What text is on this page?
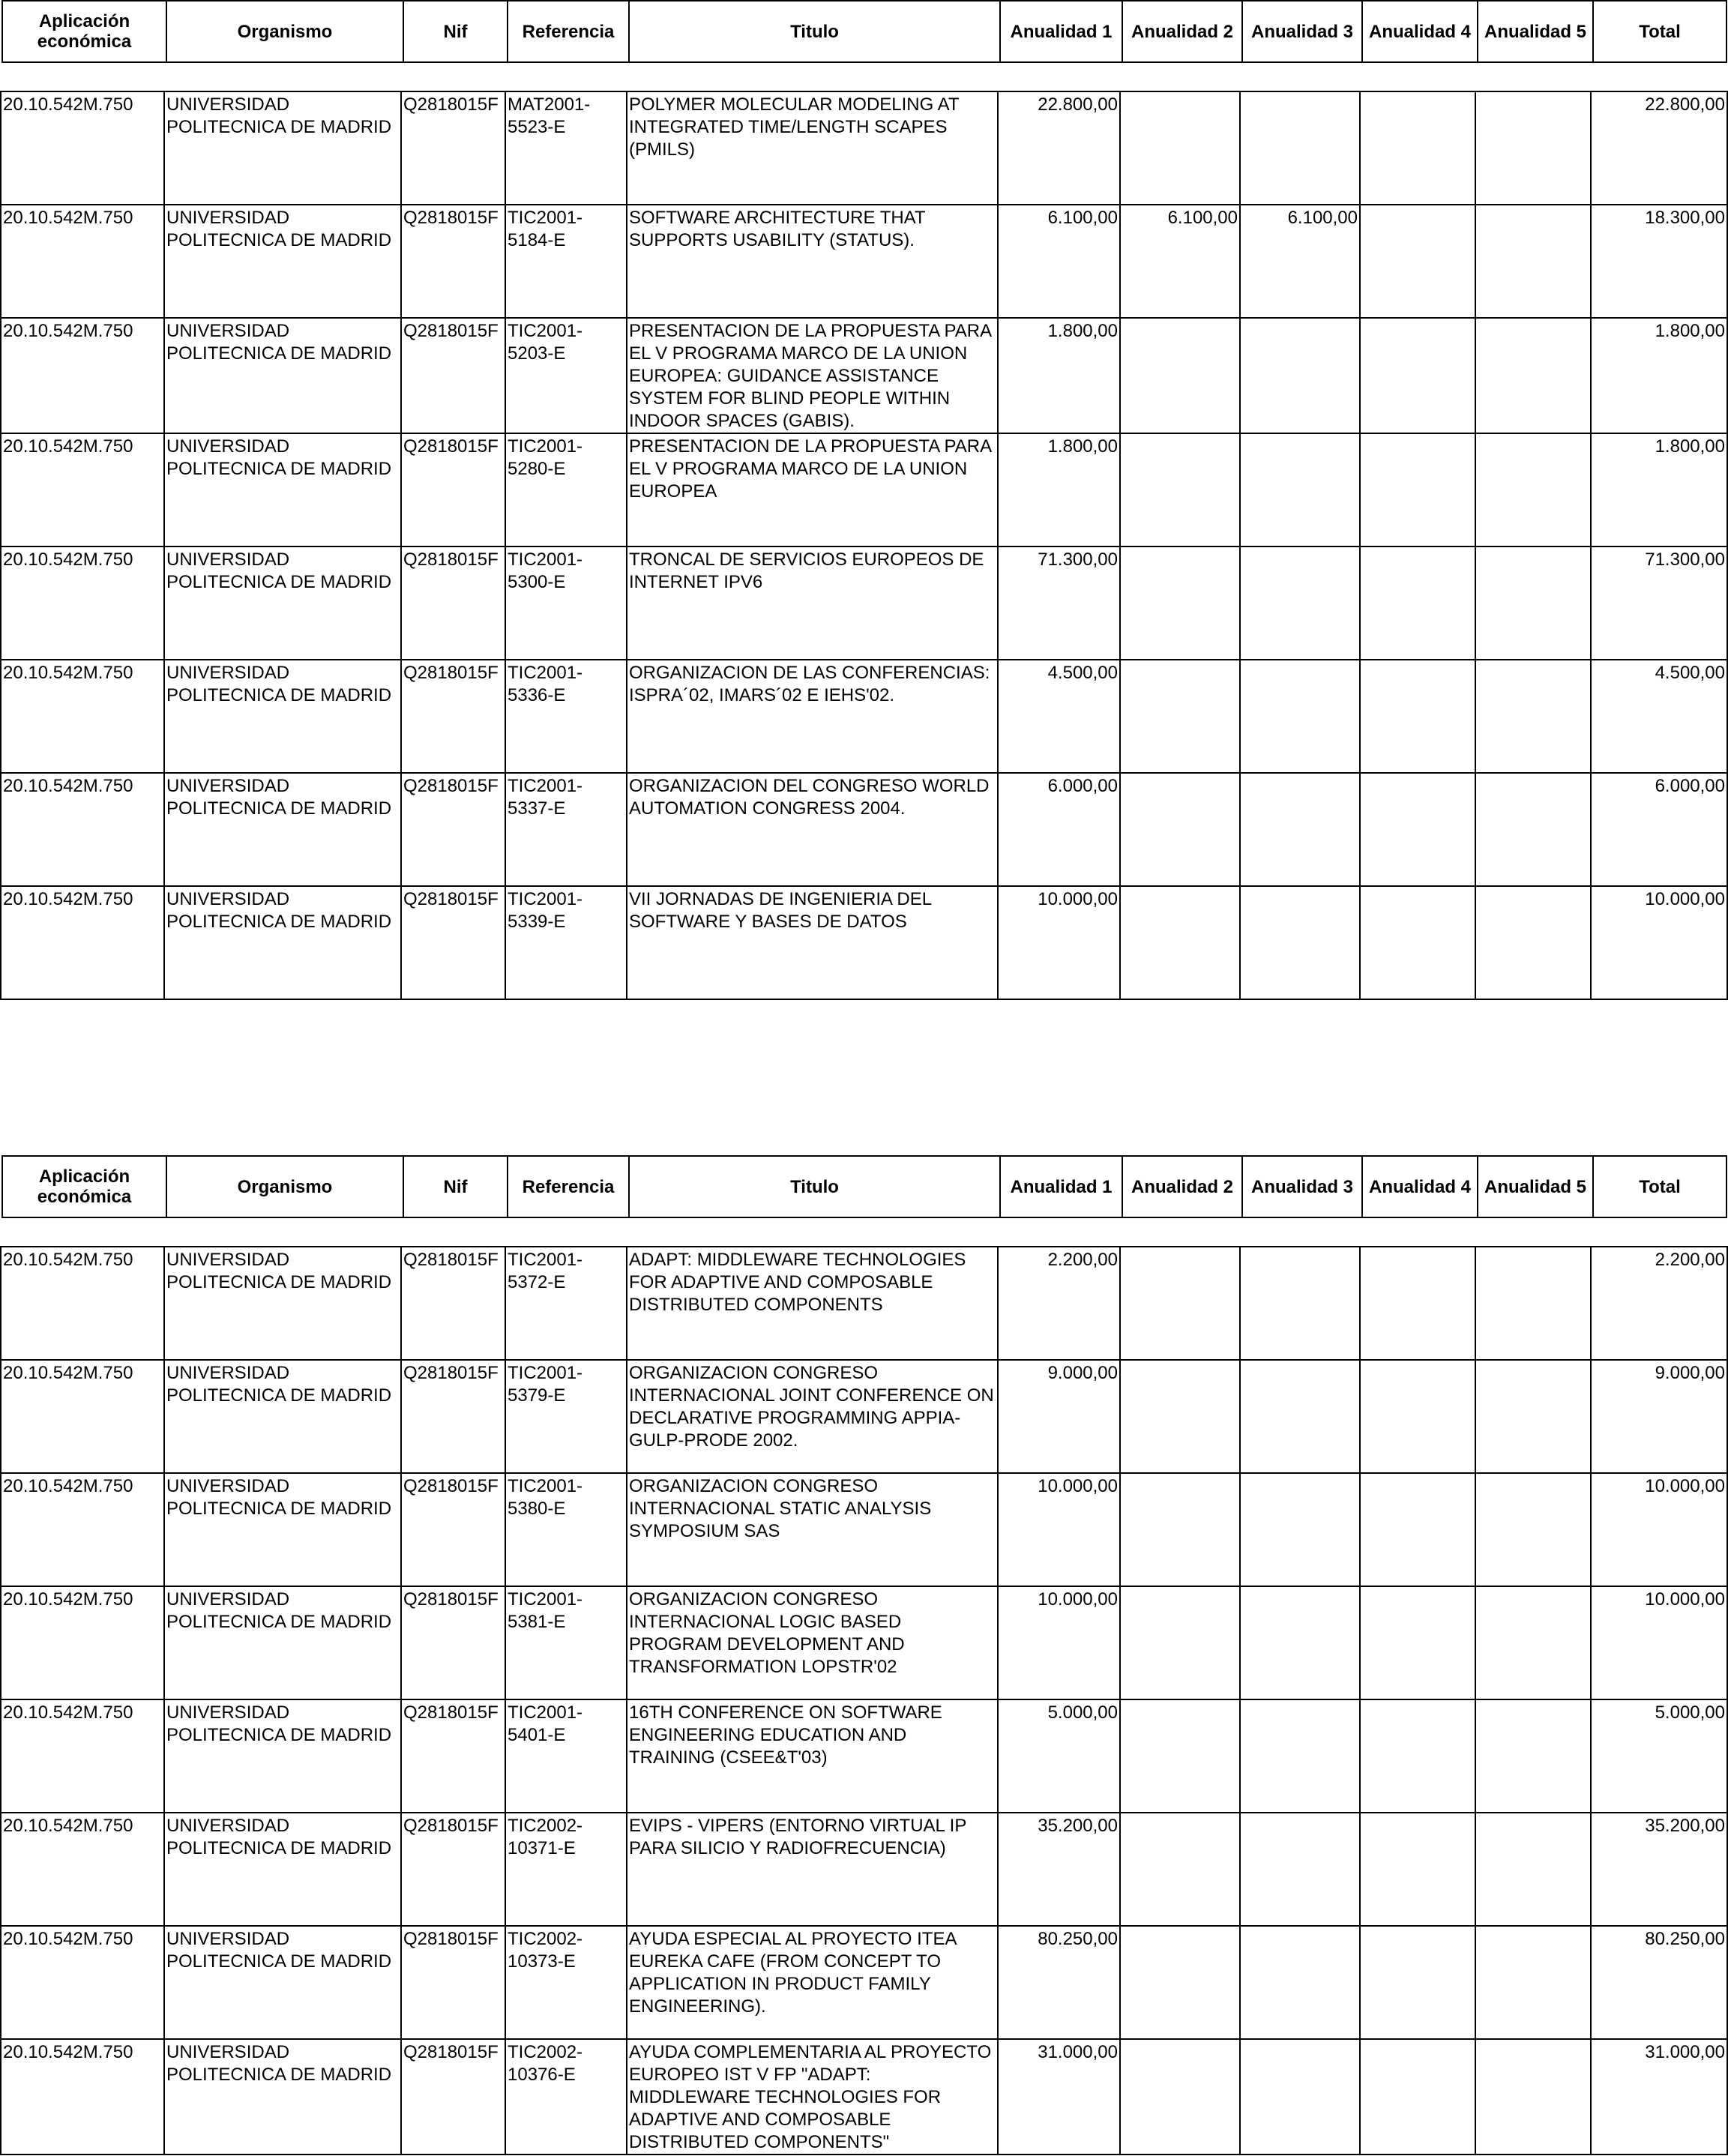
Aplicación
económica	Organismo	Nif	Referencia	Titulo	Anualidad 1	Anualidad 2	Anualidad 3	Anualidad 4	Anualidad 5	Total
20.10.542M.750	UNIVERSIDAD
POLITECNICA DE MADRID	Q2818015F	MAT2001-
5523-E	POLYMER MOLECULAR MODELING AT
INTEGRATED TIME/LENGTH SCAPES
(PMILS)	22.800,00					22.800,00
20.10.542M.750	UNIVERSIDAD
POLITECNICA DE MADRID	Q2818015F	TIC2001-
5184-E	SOFTWARE ARCHITECTURE THAT
SUPPORTS USABILITY (STATUS).	6.100,00	6.100,00	6.100,00			18.300,00
20.10.542M.750	UNIVERSIDAD
POLITECNICA DE MADRID	Q2818015F	TIC2001-
5203-E	PRESENTACION DE LA PROPUESTA PARA
EL V PROGRAMA MARCO DE LA UNION
EUROPEA: GUIDANCE ASSISTANCE
SYSTEM FOR BLIND PEOPLE WITHIN
INDOOR SPACES (GABIS).	1.800,00					1.800,00
20.10.542M.750	UNIVERSIDAD
POLITECNICA DE MADRID	Q2818015F	TIC2001-
5280-E	PRESENTACION DE LA PROPUESTA PARA
EL V PROGRAMA MARCO DE LA UNION
EUROPEA	1.800,00					1.800,00
20.10.542M.750	UNIVERSIDAD
POLITECNICA DE MADRID	Q2818015F	TIC2001-
5300-E	TRONCAL DE SERVICIOS EUROPEOS DE
INTERNET IPV6	71.300,00					71.300,00
20.10.542M.750	UNIVERSIDAD
POLITECNICA DE MADRID	Q2818015F	TIC2001-
5336-E	ORGANIZACION DE LAS CONFERENCIAS:
ISPRA´02, IMARS´02 E IEHS'02.	4.500,00					4.500,00
20.10.542M.750	UNIVERSIDAD
POLITECNICA DE MADRID	Q2818015F	TIC2001-
5337-E	ORGANIZACION DEL CONGRESO WORLD
AUTOMATION CONGRESS 2004.	6.000,00					6.000,00
20.10.542M.750	UNIVERSIDAD
POLITECNICA DE MADRID	Q2818015F	TIC2001-
5339-E	VII JORNADAS DE INGENIERIA DEL
SOFTWARE Y BASES DE DATOS	10.000,00					10.000,00
Aplicación
económica	Organismo	Nif	Referencia	Titulo	Anualidad 1	Anualidad 2	Anualidad 3	Anualidad 4	Anualidad 5	Total
20.10.542M.750	UNIVERSIDAD
POLITECNICA DE MADRID	Q2818015F	TIC2001-
5372-E	ADAPT: MIDDLEWARE TECHNOLOGIES
FOR ADAPTIVE AND COMPOSABLE
DISTRIBUTED COMPONENTS	2.200,00					2.200,00
20.10.542M.750	UNIVERSIDAD
POLITECNICA DE MADRID	Q2818015F	TIC2001-
5379-E	ORGANIZACION CONGRESO
INTERNACIONAL JOINT CONFERENCE ON
DECLARATIVE PROGRAMMING APPIA-
GULP-PRODE 2002.	9.000,00					9.000,00
20.10.542M.750	UNIVERSIDAD
POLITECNICA DE MADRID	Q2818015F	TIC2001-
5380-E	ORGANIZACION CONGRESO
INTERNACIONAL STATIC ANALYSIS
SYMPOSIUM SAS	10.000,00					10.000,00
20.10.542M.750	UNIVERSIDAD
POLITECNICA DE MADRID	Q2818015F	TIC2001-
5381-E	ORGANIZACION CONGRESO
INTERNACIONAL LOGIC BASED
PROGRAM DEVELOPMENT AND
TRANSFORMATION LOPSTR'02	10.000,00					10.000,00
20.10.542M.750	UNIVERSIDAD
POLITECNICA DE MADRID	Q2818015F	TIC2001-
5401-E	16TH CONFERENCE ON SOFTWARE
ENGINEERING EDUCATION AND
TRAINING (CSEE&T'03)	5.000,00					5.000,00
20.10.542M.750	UNIVERSIDAD
POLITECNICA DE MADRID	Q2818015F	TIC2002-
10371-E	EVIPS - VIPERS (ENTORNO VIRTUAL IP
PARA SILICIO Y RADIOFRECUENCIA)	35.200,00					35.200,00
20.10.542M.750	UNIVERSIDAD
POLITECNICA DE MADRID	Q2818015F	TIC2002-
10373-E	AYUDA ESPECIAL AL PROYECTO ITEA
EUREKA CAFE (FROM CONCEPT TO
APPLICATION IN PRODUCT FAMILY
ENGINEERING).	80.250,00					80.250,00
20.10.542M.750	UNIVERSIDAD
POLITECNICA DE MADRID	Q2818015F	TIC2002-
10376-E	AYUDA COMPLEMENTARIA AL PROYECTO
EUROPEO IST V FP "ADAPT:
MIDDLEWARE TECHNOLOGIES FOR
ADAPTIVE AND COMPOSABLE
DISTRIBUTED COMPONENTS"	31.000,00					31.000,00
